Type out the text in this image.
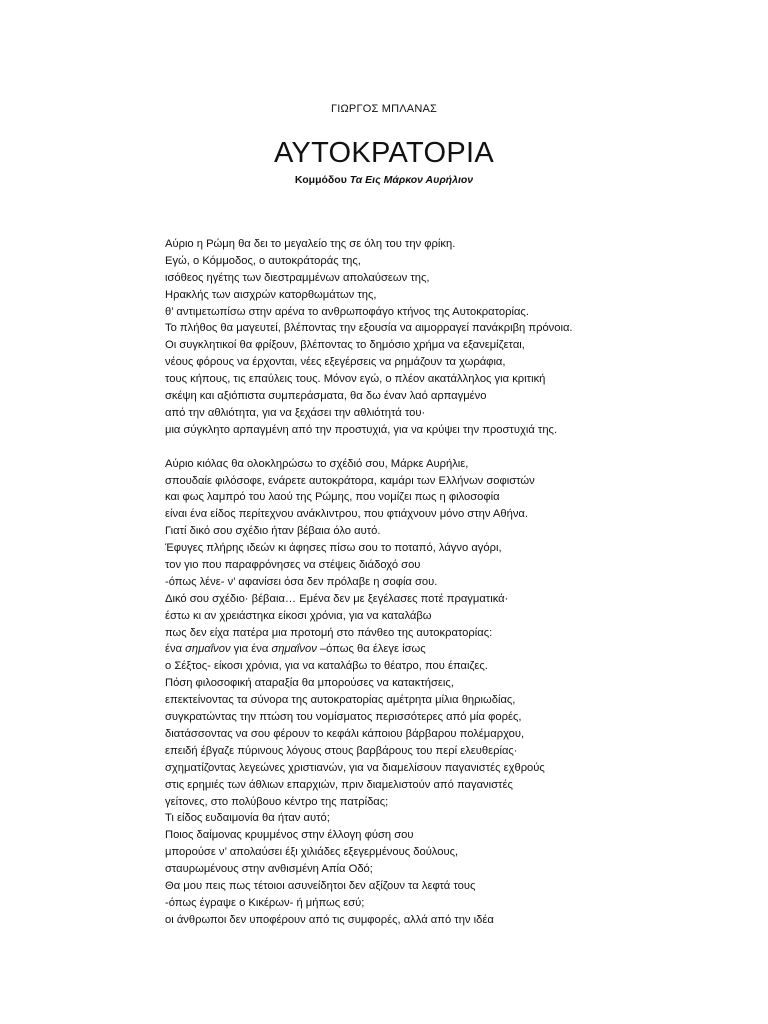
ΓΙΩΡΓΟΣ ΜΠΛΑΝΑΣ
ΑΥΤΟΚΡΑΤΟΡΙΑ
Κομμόδου Τα Εις Μάρκον Αυρήλιον
Αύριο η Ρώμη θα δει το μεγαλείο της σε όλη του την φρίκη.
Εγώ, ο Κόμμοδος, ο αυτοκράτοράς της,
ισόθεος ηγέτης των διεστραμμένων απολαύσεων της,
Ηρακλής των αισχρών κατορθωμάτων της,
θ’ αντιμετωπίσω στην αρένα το ανθρωποφάγο κτήνος της Αυτοκρατορίας.
Το πλήθος θα μαγευτεί, βλέποντας την εξουσία να αιμορραγεί πανάκριβη πρόνοια.
Οι συγκλητικοί θα φρίξουν, βλέποντας το δημόσιο χρήμα να εξανεμίζεται,
νέους φόρους να έρχονται, νέες εξεγέρσεις να ρημάζουν τα χωράφια,
τους κήπους, τις επαύλεις τους. Μόνον εγώ, ο πλέον ακατάλληλος για κριτική
σκέψη και αξιόπιστα συμπεράσματα, θα δω έναν λαό αρπαγμένο
από την αθλιότητα, για να ξεχάσει την αθλιότητά του·
μια σύγκλητο αρπαγμένη από την προστυχιά, για να κρύψει την προστυχιά της.
Αύριο κιόλας θα ολοκληρώσω το σχέδιό σου, Μάρκε Αυρήλιε,
σπουδαίε φιλόσοφε, ενάρετε αυτοκράτορα, καμάρι των Ελλήνων σοφιστών
και φως λαμπρό του λαού της Ρώμης, που νομίζει πως η φιλοσοφία
είναι ένα είδος περίτεχνου ανάκλιντρου, που φτιάχνουν μόνο στην Αθήνα.
Γιατί δικό σου σχέδιο ήταν βέβαια όλο αυτό.
Έφυγες πλήρης ιδεών κι άφησες πίσω σου το ποταπό, λάγνο αγόρι,
τον γιο που παραφρόνησες να στέψεις διάδοχό σου
-όπως λένε- ν’ αφανίσει όσα δεν πρόλαβε η σοφία σου.
Δικό σου σχέδιο· βέβαια… Εμένα δεν με ξεγέλασες ποτέ πραγματικά·
έστω κι αν χρειάστηκα είκοσι χρόνια, για να καταλάβω
πως δεν είχα πατέρα μια προτομή στο πάνθεο της αυτοκρατορίας:
ένα σημαΐνον για ένα σημαΐνον –όπως θα έλεγε ίσως
ο Σέξτος- είκοσι χρόνια, για να καταλάβω το θέατρο, που έπαιζες.
Πόση φιλοσοφική αταραξία θα μπορούσες να κατακτήσεις,
επεκτείνοντας τα σύνορα της αυτοκρατορίας αμέτρητα μίλια θηριωδίας,
συγκρατώντας την πτώση του νομίσματος περισσότερες από μία φορές,
διατάσσοντας να σου φέρουν το κεφάλι κάποιου βάρβαρου πολέμαρχου,
επειδή έβγαζε πύρινους λόγους στους βαρβάρους του περί ελευθερίας·
σχηματίζοντας λεγεώνες χριστιανών, για να διαμελίσουν παγανιστές εχθρούς
στις ερημιές των άθλιων επαρχιών, πριν διαμελιστούν από παγανιστές
γείτονες, στο πολύβουο κέντρο της πατρίδας;
Τι είδος ευδαιμονία θα ήταν αυτό;
Ποιος δαίμονας κρυμμένος στην έλλογη φύση σου
μπορούσε ν’ απολαύσει έξι χιλιάδες εξεγερμένους δούλους,
σταυρωμένους στην ανθισμένη Απία Οδό;
Θα μου πεις πως τέτοιοι ασυνείδητοι δεν αξίζουν τα λεφτά τους
-όπως έγραψε ο Κικέρων- ή μήπως εσύ;
οι άνθρωποι δεν υποφέρουν από τις συμφορές, αλλά από την ιδέα
